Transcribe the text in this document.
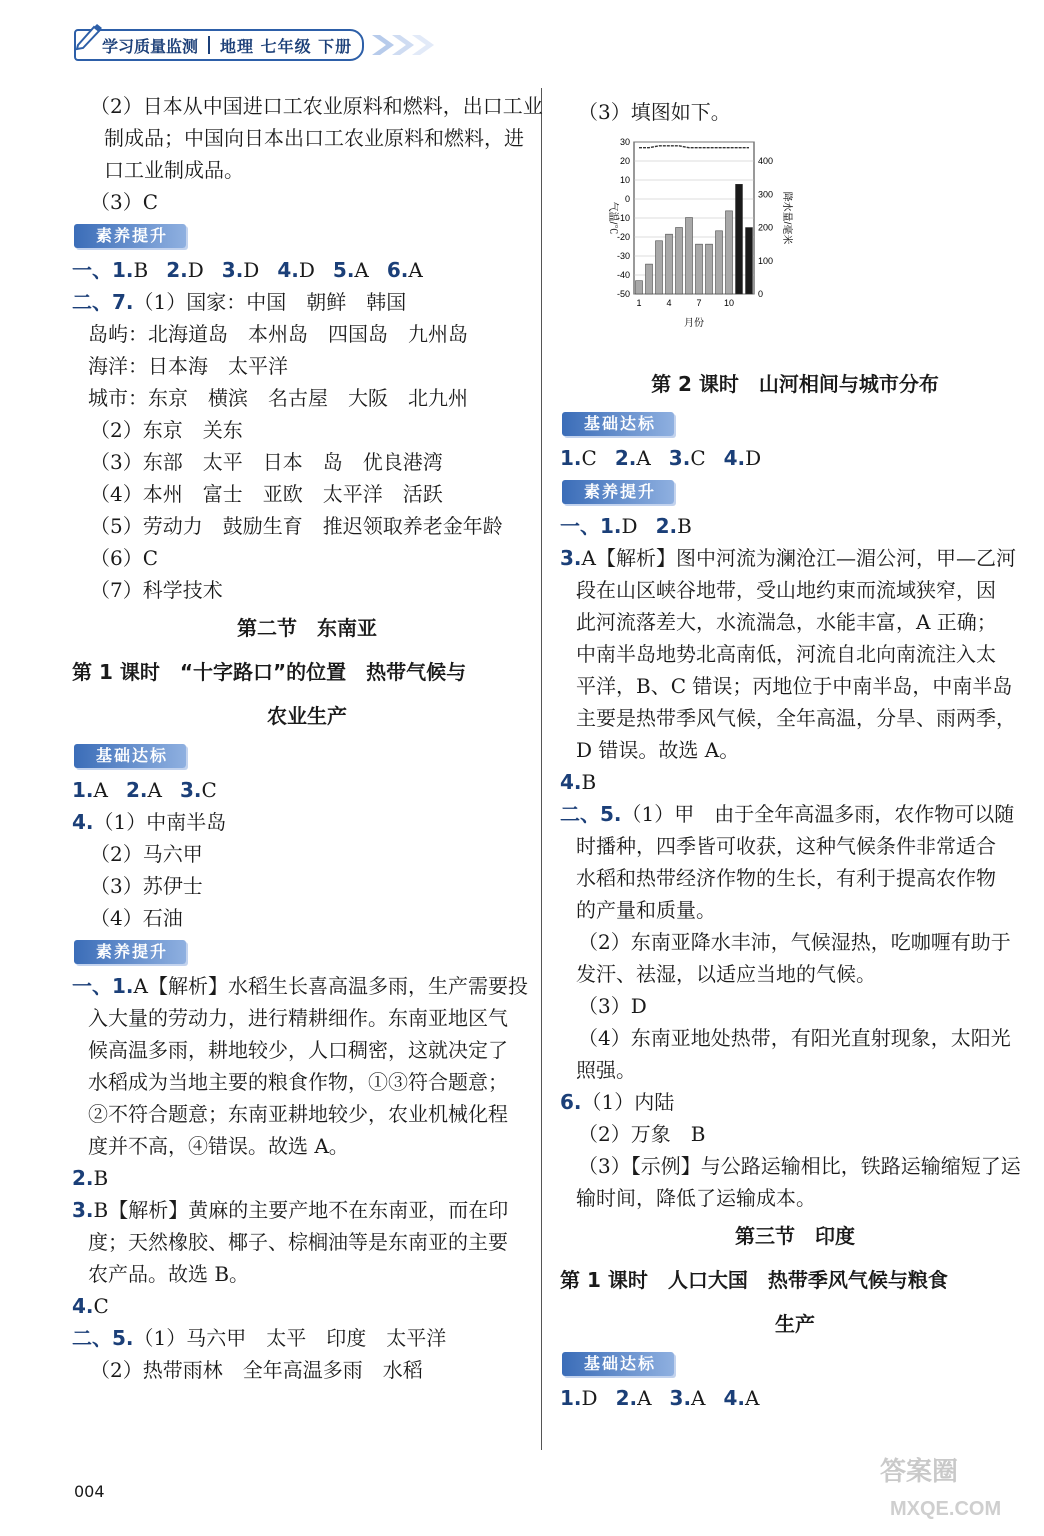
学习质量监测 地理 七年级 下册

（2）日本从中国进口工农业原料和燃料，出口工业

制成品；中国向日本出口工农业原料和燃料，进

口工业制成品。

（3）C

素养提升

一、1.B 2.D 3.D 4.D 5.A 6.A

二、7.（1）国家：中国　朝鲜　韩国

岛屿：北海道岛　本州岛　四国岛　九州岛

海洋：日本海　太平洋

城市：东京　横滨　名古屋　大阪　北九州

（2）东京　关东

（3）东部　太平　日本　岛　优良港湾

（4）本州　富士　亚欧　太平洋　活跃

（5）劳动力　鼓励生育　推迟领取养老金年龄

（6）C

（7）科学技术

第二节　东南亚
第 1 课时　“十字路口”的位置　热带气候与
农业生产
基础达标

1.A 2.A 3.C

4.（1）中南半岛

（2）马六甲

（3）苏伊士

（4）石油

素养提升

一、1.A【解析】水稻生长喜高温多雨，生产需要投

入大量的劳动力，进行精耕细作。东南亚地区气

候高温多雨，耕地较少，人口稠密，这就决定了

水稻成为当地主要的粮食作物，①③符合题意；

②不符合题意；东南亚耕地较少，农业机械化程

度并不高，④错误。故选 A。

2.B

3.B【解析】黄麻的主要产地不在东南亚，而在印

度；天然橡胶、椰子、棕榈油等是东南亚的主要

农产品。故选 B。

4.C

二、5.（1）马六甲　太平　印度　太平洋

（2）热带雨林　全年高温多雨　水稻

（3）填图如下。

30
20
10
0
-10
-20
-30
-40
-50
400
300
200
100
0
1	4	7 10
月份
气温/℃	降水量/毫米
第 2 课时　山河相间与城市分布
基础达标

1.C 2.A 3.C 4.D

素养提升

一、1.D 2.B

3.A【解析】图中河流为澜沧江—湄公河，甲—乙河

段在山区峡谷地带，受山地约束而流域狭窄，因

此河流落差大，水流湍急，水能丰富，A 正确；

中南半岛地势北高南低，河流自北向南流注入太

平洋，B、C 错误；丙地位于中南半岛，中南半岛

主要是热带季风气候，全年高温，分旱、雨两季，

D 错误。故选 A。

4.B

二、5.（1）甲　由于全年高温多雨，农作物可以随

时播种，四季皆可收获，这种气候条件非常适合

水稻和热带经济作物的生长，有利于提高农作物

的产量和质量。

（2）东南亚降水丰沛，气候湿热，吃咖喱有助于

发汗、祛湿，以适应当地的气候。

（3）D

（4）东南亚地处热带，有阳光直射现象，太阳光

照强。

6.（1）内陆

（2）万象　B

（3）【示例】与公路运输相比，铁路运输缩短了运

输时间，降低了运输成本。

第三节　印度
第 1 课时　人口大国　热带季风气候与粮食
生产
基础达标

1.D 2.A 3.A 4.A

004
答案圈
MXQE.COM
